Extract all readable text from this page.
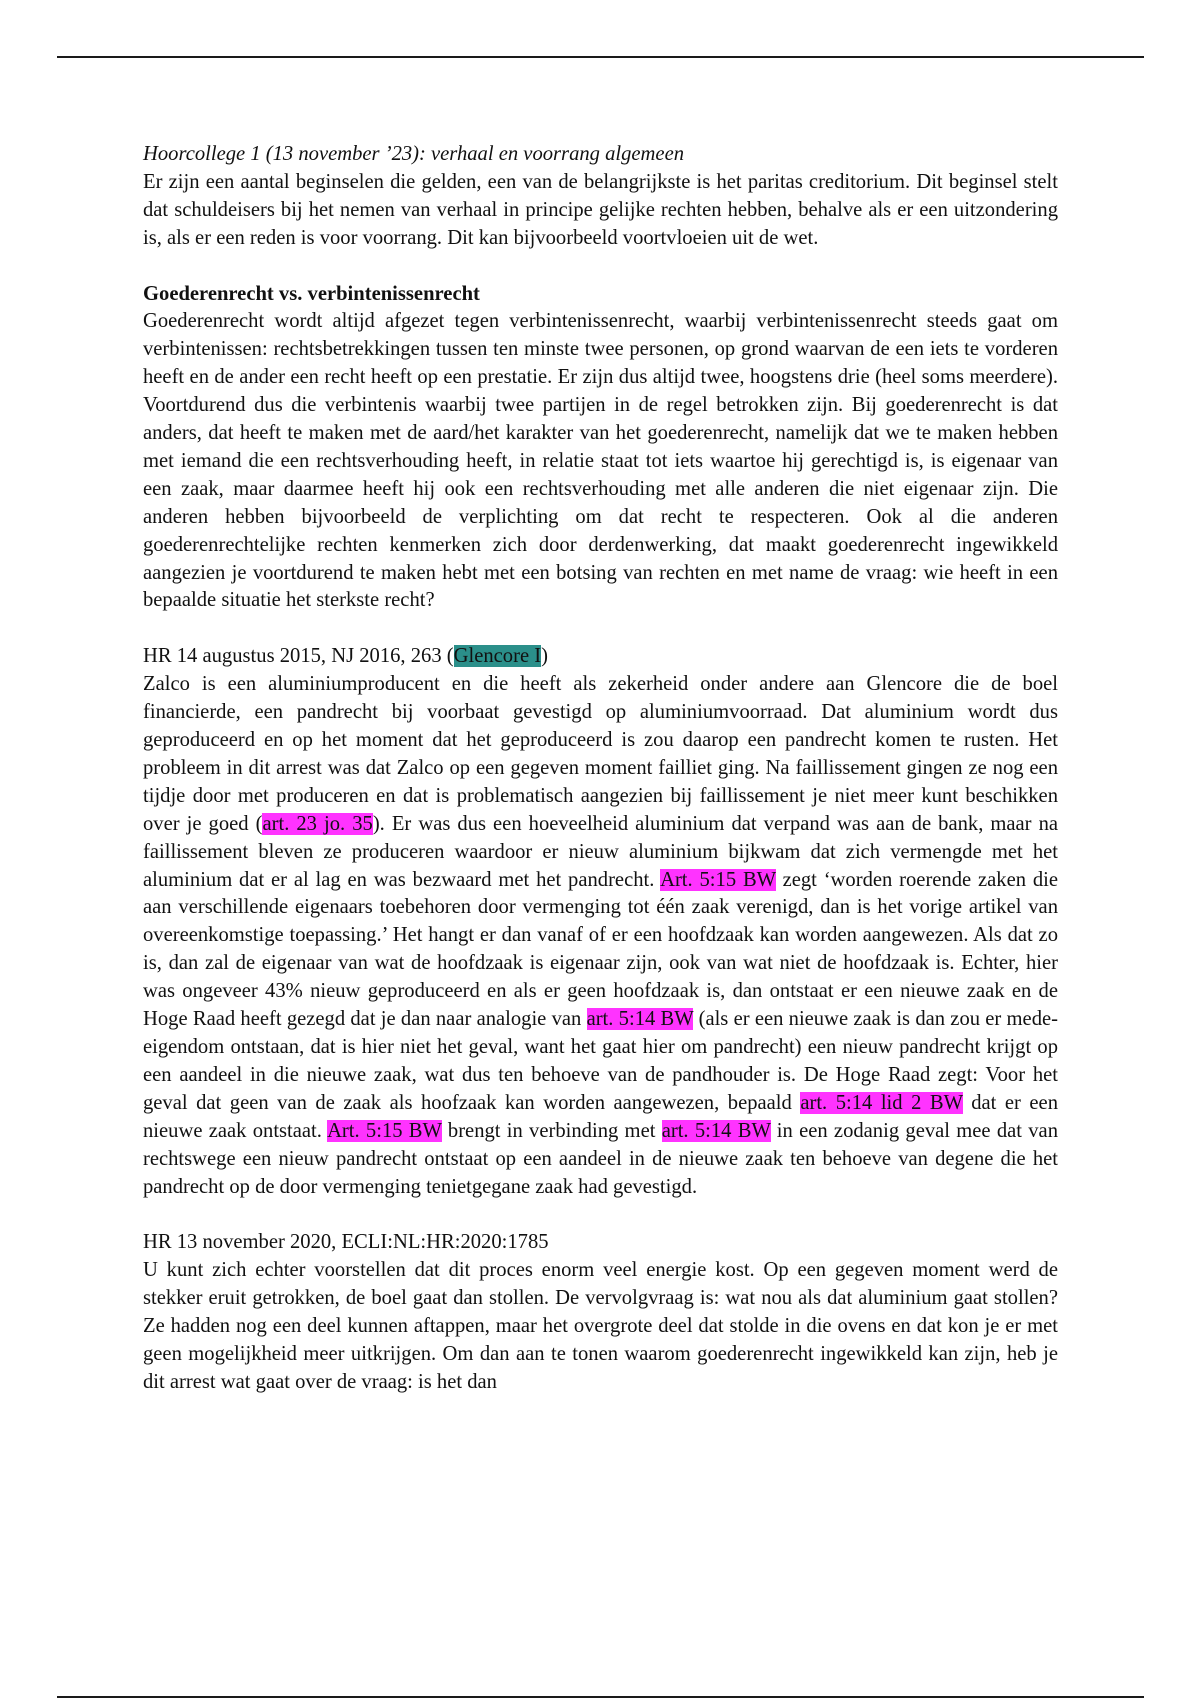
Hoorcollege 1 (13 november ’23): verhaal en voorrang algemeen

Er zijn een aantal beginselen die gelden, een van de belangrijkste is het paritas creditorium. Dit beginsel stelt dat schuldeisers bij het nemen van verhaal in principe gelijke rechten hebben, behalve als er een uitzondering is, als er een reden is voor voorrang. Dit kan bijvoorbeeld voortvloeien uit de wet.

Goederenrecht vs. verbintenissenrecht

Goederenrecht wordt altijd afgezet tegen verbintenissenrecht, waarbij verbintenissenrecht steeds gaat om verbintenissen: rechtsbetrekkingen tussen ten minste twee personen, op grond waarvan de een iets te vorderen heeft en de ander een recht heeft op een prestatie. Er zijn dus altijd twee, hoogstens drie (heel soms meerdere). Voortdurend dus die verbintenis waarbij twee partijen in de regel betrokken zijn. Bij goederenrecht is dat anders, dat heeft te maken met de aard/het karakter van het goederenrecht, namelijk dat we te maken hebben met iemand die een rechtsverhouding heeft, in relatie staat tot iets waartoe hij gerechtigd is, is eigenaar van een zaak, maar daarmee heeft hij ook een rechtsverhouding met alle anderen die niet eigenaar zijn. Die anderen hebben bijvoorbeeld de verplichting om dat recht te respecteren. Ook al die anderen goederenrechtelijke rechten kenmerken zich door derdenwerking, dat maakt goederenrecht ingewikkeld aangezien je voortdurend te maken hebt met een botsing van rechten en met name de vraag: wie heeft in een bepaalde situatie het sterkste recht?

HR 14 augustus 2015, NJ 2016, 263 (Glencore I)

Zalco is een aluminiumproducent en die heeft als zekerheid onder andere aan Glencore die de boel financierde, een pandrecht bij voorbaat gevestigd op aluminiumvoorraad. Dat aluminium wordt dus geproduceerd en op het moment dat het geproduceerd is zou daarop een pandrecht komen te rusten. Het probleem in dit arrest was dat Zalco op een gegeven moment failliet ging. Na faillissement gingen ze nog een tijdje door met produceren en dat is problematisch aangezien bij faillissement je niet meer kunt beschikken over je goed (art. 23 jo. 35). Er was dus een hoeveelheid aluminium dat verpand was aan de bank, maar na faillissement bleven ze produceren waardoor er nieuw aluminium bijkwam dat zich vermengde met het aluminium dat er al lag en was bezwaard met het pandrecht. Art. 5:15 BW zegt ‘worden roerende zaken die aan verschillende eigenaars toebehoren door vermenging tot één zaak verenigd, dan is het vorige artikel van overeenkomstige toepassing.’ Het hangt er dan vanaf of er een hoofdzaak kan worden aangewezen. Als dat zo is, dan zal de eigenaar van wat de hoofdzaak is eigenaar zijn, ook van wat niet de hoofdzaak is. Echter, hier was ongeveer 43% nieuw geproduceerd en als er geen hoofdzaak is, dan ontstaat er een nieuwe zaak en de Hoge Raad heeft gezegd dat je dan naar analogie van art. 5:14 BW (als er een nieuwe zaak is dan zou er mede-eigendom ontstaan, dat is hier niet het geval, want het gaat hier om pandrecht) een nieuw pandrecht krijgt op een aandeel in die nieuwe zaak, wat dus ten behoeve van de pandhouder is. De Hoge Raad zegt: Voor het geval dat geen van de zaak als hoofzaak kan worden aangewezen, bepaald art. 5:14 lid 2 BW dat er een nieuwe zaak ontstaat. Art. 5:15 BW brengt in verbinding met art. 5:14 BW in een zodanig geval mee dat van rechtswege een nieuw pandrecht ontstaat op een aandeel in de nieuwe zaak ten behoeve van degene die het pandrecht op de door vermenging tenietgegane zaak had gevestigd.

HR 13 november 2020, ECLI:NL:HR:2020:1785

U kunt zich echter voorstellen dat dit proces enorm veel energie kost. Op een gegeven moment werd de stekker eruit getrokken, de boel gaat dan stollen. De vervolgvraag is: wat nou als dat aluminium gaat stollen? Ze hadden nog een deel kunnen aftappen, maar het overgrote deel dat stolde in die ovens en dat kon je er met geen mogelijkheid meer uitkrijgen. Om dan aan te tonen waarom goederenrecht ingewikkeld kan zijn, heb je dit arrest wat gaat over de vraag: is het dan
